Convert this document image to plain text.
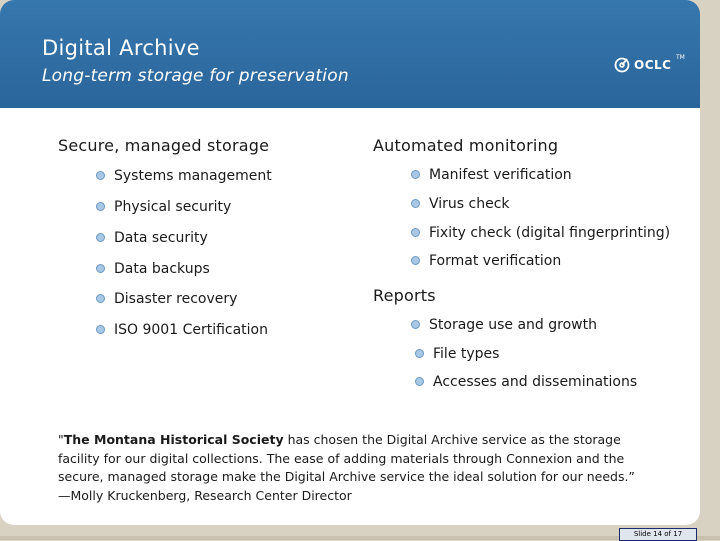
Digital Archive
Long-term storage for preservation
OCLC
TM
Secure, managed storage
Systems management
Physical security
Data security
Data backups
Disaster recovery
ISO 9001 Certification
Automated monitoring
Manifest verification
Virus check
Fixity check (digital fingerprinting)
Format verification
Reports
Storage use and growth
File types
Accesses and disseminations
"The Montana Historical Society has chosen the Digital Archive service as the storage facility for our digital collections. The ease of adding materials through Connexion and the secure, managed storage make the Digital Archive service the ideal solution for our needs.”
—Molly Kruckenberg, Research Center Director
Slide 14 of 17
